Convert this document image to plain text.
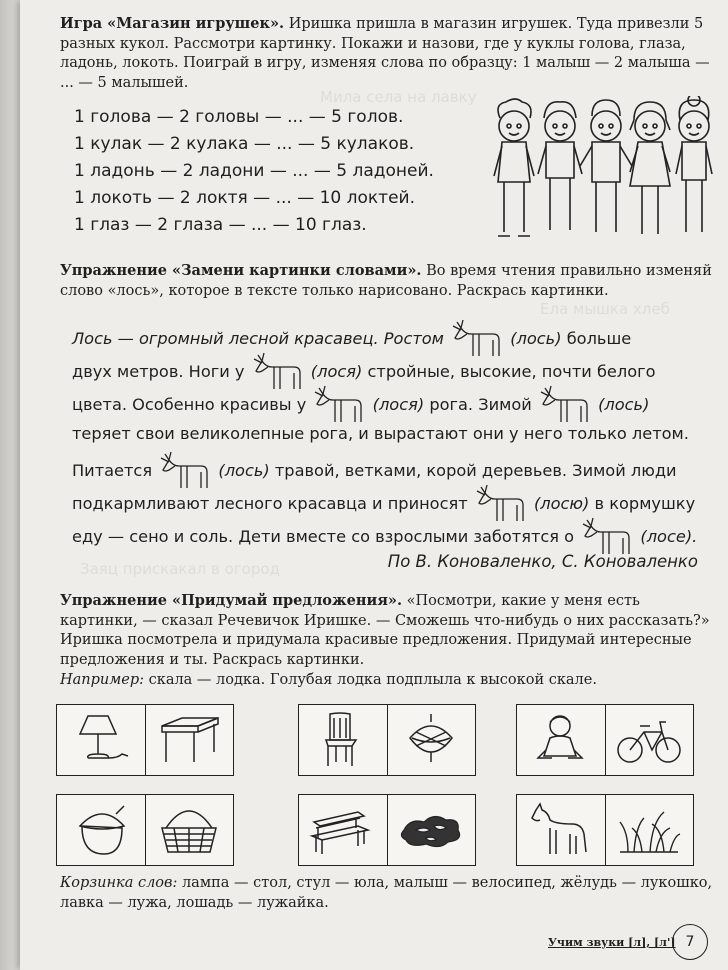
Мила села на лавку
Ела мышка хлеб
Заяц прискакал в огород
Игра «Магазин игрушек». Иришка пришла в магазин игрушек. Туда привезли 5 разных кукол. Рассмотри картинку. Покажи и назови, где у куклы голова, глаза, ладонь, локоть. Поиграй в игру, изменяя слова по образцу: 1 малыш — 2 малыша — ... — 5 малышей.
1 голова — 2 головы — ... — 5 голов.
1 кулак — 2 кулака — ... — 5 кулаков.
1 ладонь — 2 ладони — ... — 5 ладоней.
1 локоть — 2 локтя — ... — 10 локтей.
1 глаз — 2 глаза — ... — 10 глаз.
Упражнение «Замени картинки словами». Во время чтения правильно изменяй слово «лось», которое в тексте только нарисовано. Раскрась картинки.
Лось — огромный лесной красавец. Ростом	(лось) больше
двух метров. Ноги у	(лося) стройные, высокие, почти белого
цвета. Особенно красивы у	(лося) рога. Зимой	(лось)
теряет свои великолепные рога, и вырастают они у него только летом.
Питается	(лось) травой, ветками, корой деревьев. Зимой люди
подкармливают лесного красавца и приносят	(лосю) в кормушку
еду — сено и соль. Дети вместе со взрослыми заботятся о	(лосе).
По В. Коноваленко, С. Коноваленко
Упражнение «Придумай предложения». «Посмотри, какие у меня есть картинки, — сказал Речевичок Иришке. — Сможешь что-нибудь о них рассказать?» Иришка посмотрела и придумала красивые предложения. Придумай интересные предложения и ты. Раскрась картинки.
Например: скала — лодка. Голубая лодка подплыла к высокой скале.
Корзинка слов: лампа — стол, стул — юла, малыш — велосипед, жёлудь — лукошко, лавка — лужа, лошадь — лужайка.
Учим звуки [л], [л'] 7
